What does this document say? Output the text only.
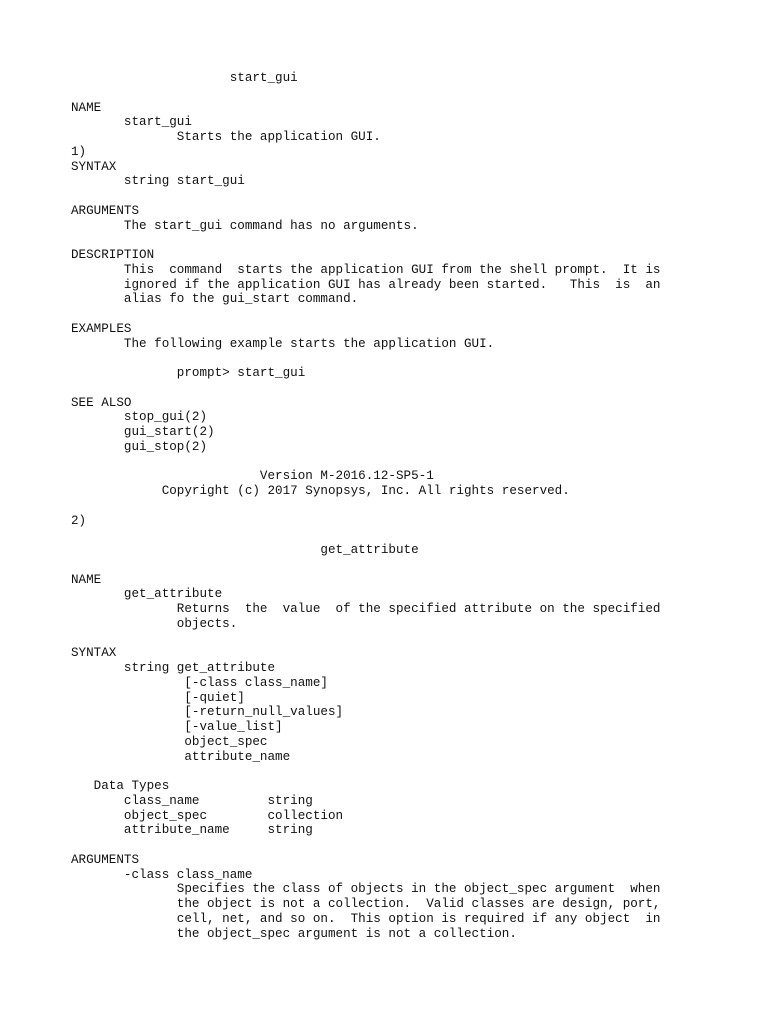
start_gui
NAME
start_gui
Starts the application GUI.
1)
SYNTAX
string start_gui
ARGUMENTS
The start_gui command has no arguments.
DESCRIPTION
This  command  starts the application GUI from the shell prompt.  It is
ignored if the application GUI has already been started.   This  is  an
alias fo the gui_start command.
EXAMPLES
The following example starts the application GUI.
prompt> start_gui
SEE ALSO
stop_gui(2)
gui_start(2)
gui_stop(2)
Version M-2016.12-SP5-1
Copyright (c) 2017 Synopsys, Inc. All rights reserved.
2)
get_attribute
NAME
get_attribute
Returns  the  value  of the specified attribute on the specified
objects.
SYNTAX
string get_attribute
[-class class_name]
[-quiet]
[-return_null_values]
[-value_list]
object_spec
attribute_name
Data Types
class_name         string
object_spec        collection
attribute_name     string
ARGUMENTS
-class class_name
Specifies the class of objects in the object_spec argument  when
the object is not a collection.  Valid classes are design, port,
cell, net, and so on.  This option is required if any object  in
the object_spec argument is not a collection.
